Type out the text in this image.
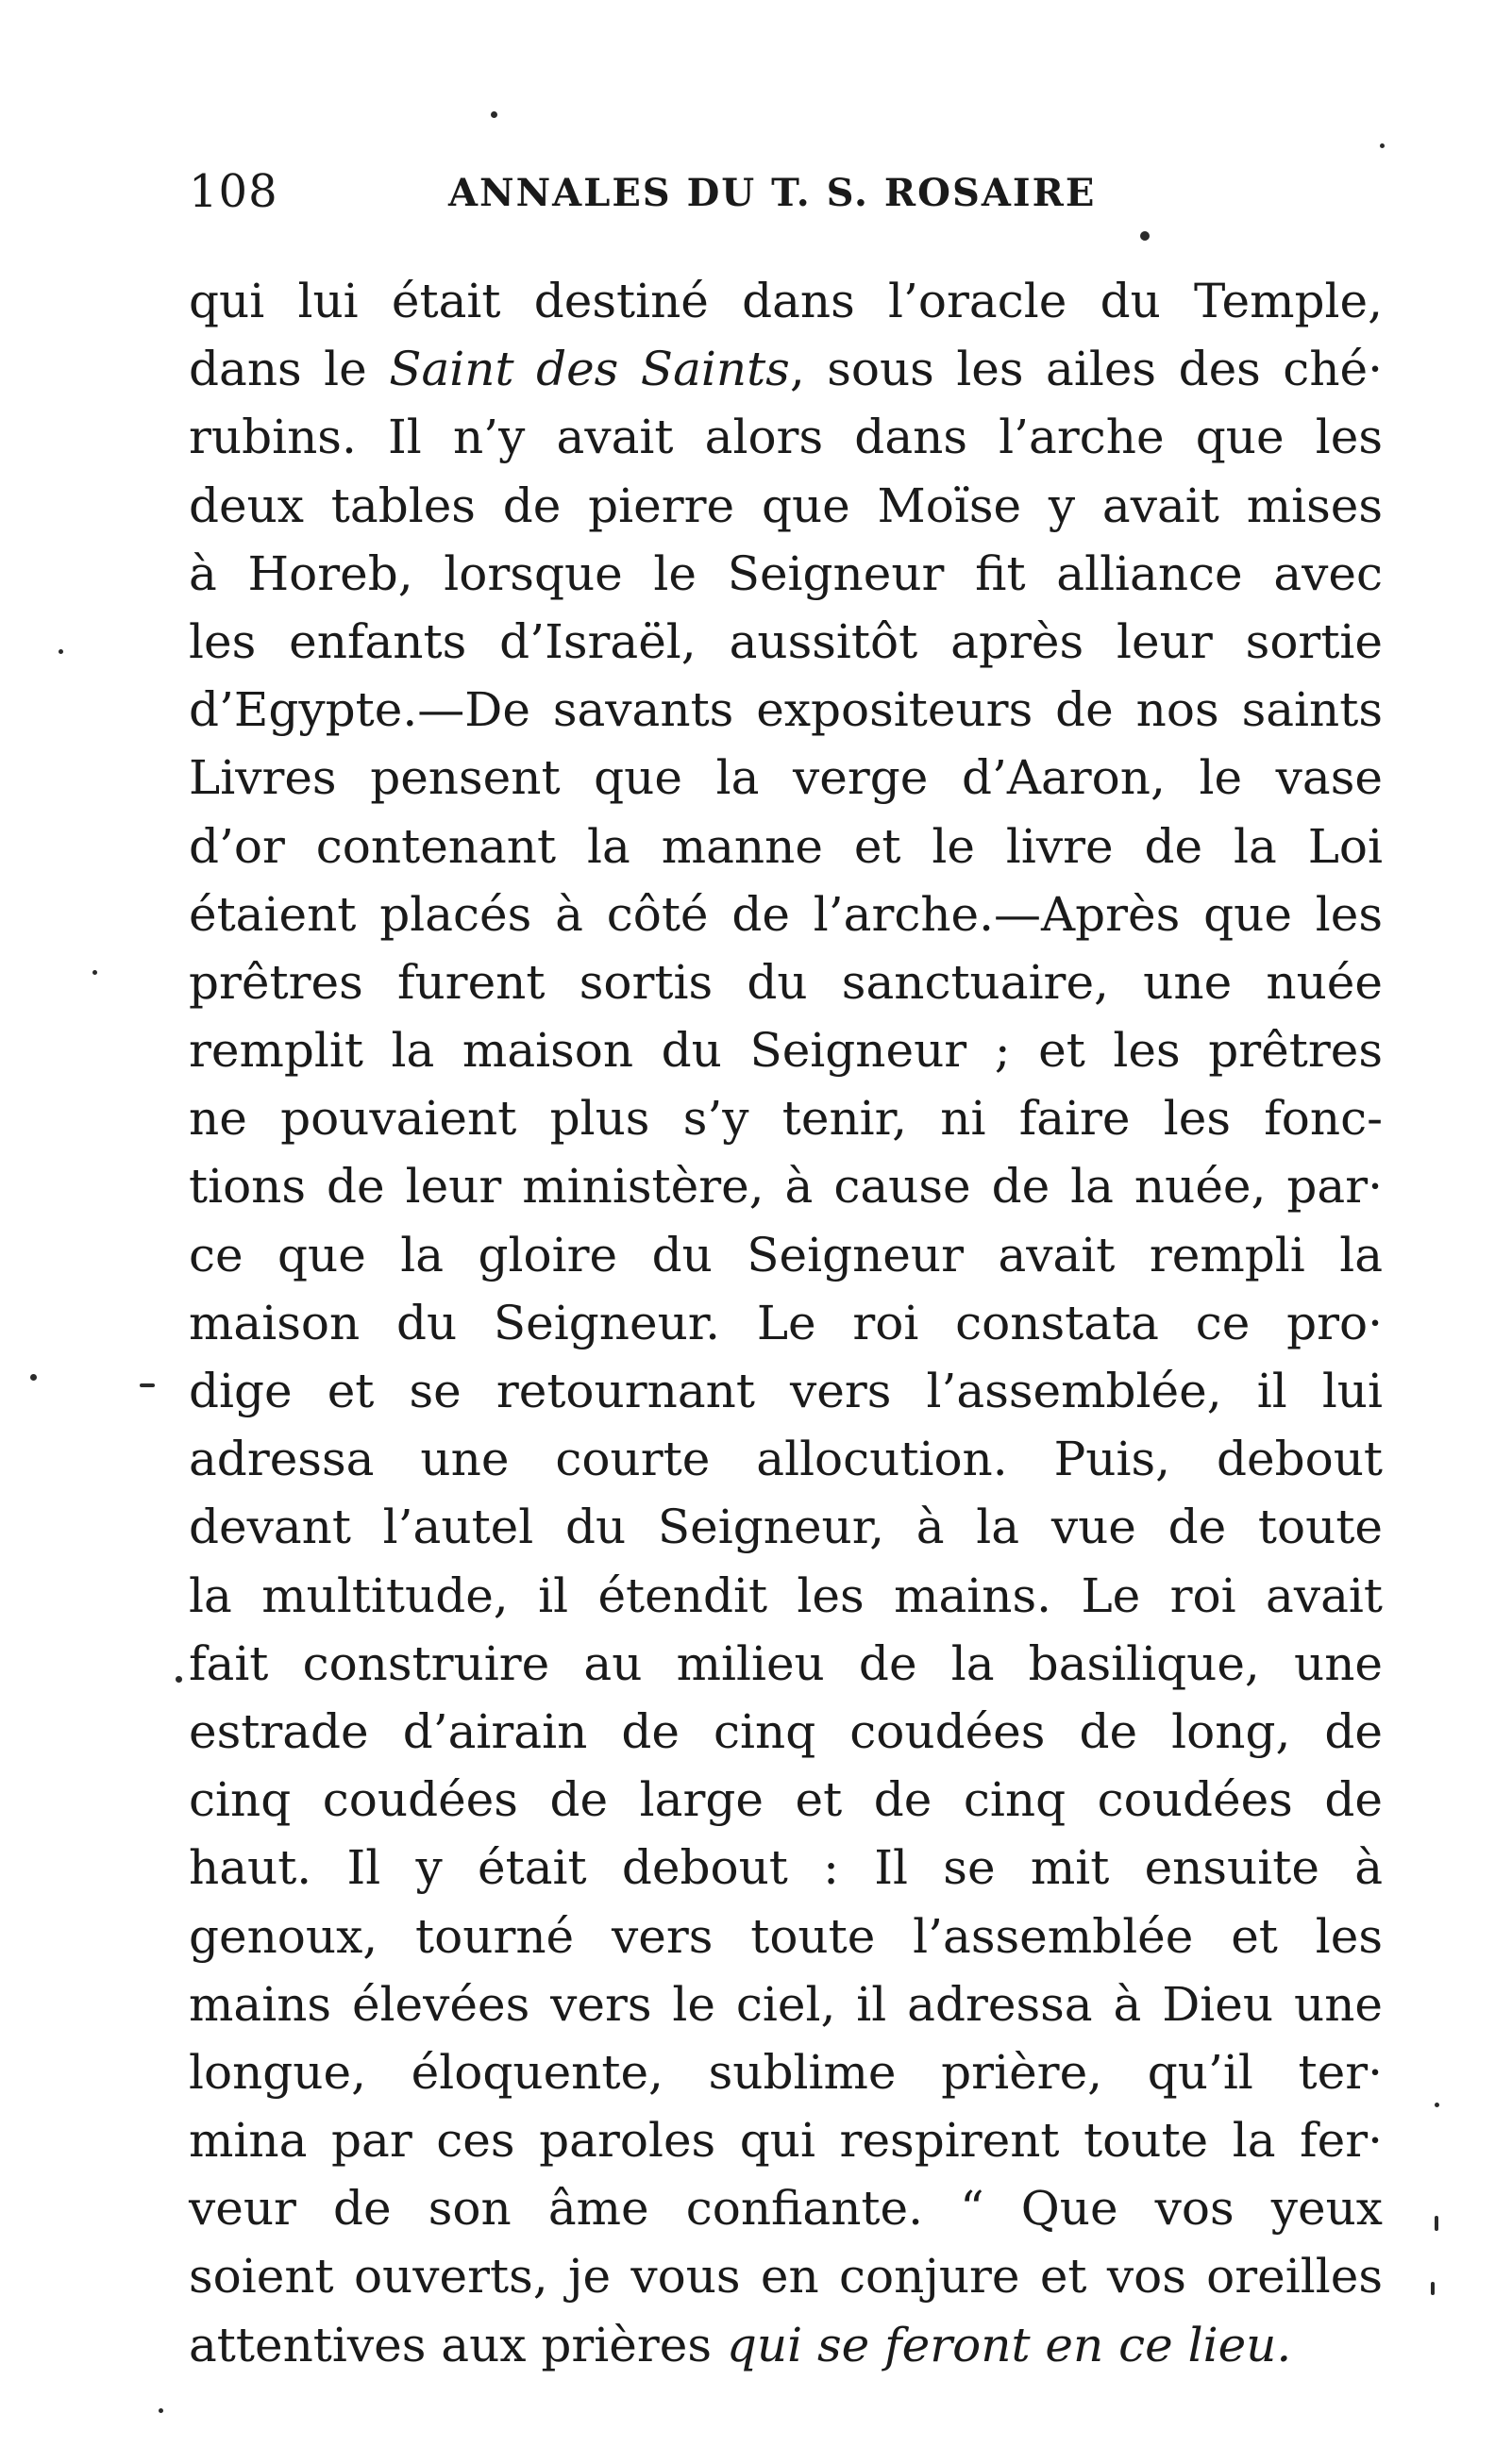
108	ANNALES DU T. S. ROSAIRE
qui lui était destiné dans l’oracle du Temple,
dans le Saint des Saints, sous les ailes des ché·
rubins. Il n’y avait alors dans l’arche que les
deux tables de pierre que Moïse y avait mises
à Horeb, lorsque le Seigneur fit alliance avec
les enfants d’Israël, aussitôt après leur sortie
d’Egypte.—De savants expositeurs de nos saints
Livres pensent que la verge d’Aaron, le vase
d’or contenant la manne et le livre de la Loi
étaient placés à côté de l’arche.—Après que les
prêtres furent sortis du sanctuaire, une nuée
remplit la maison du Seigneur ; et les prêtres
ne pouvaient plus s’y tenir, ni faire les fonc-
tions de leur ministère, à cause de la nuée, par·
ce que la gloire du Seigneur avait rempli la
maison du Seigneur. Le roi constata ce pro·
dige et se retournant vers l’assemblée, il lui
adressa une courte allocution. Puis, debout
devant l’autel du Seigneur, à la vue de toute
la multitude, il étendit les mains. Le roi avait
fait construire au milieu de la basilique, une
estrade d’airain de cinq coudées de long, de
cinq coudées de large et de cinq coudées de
haut. Il y était debout : Il se mit ensuite à
genoux, tourné vers toute l’assemblée et les
mains élevées vers le ciel, il adressa à Dieu une
longue, éloquente, sublime prière, qu’il ter·
mina par ces paroles qui respirent toute la fer·
veur de son âme confiante. “ Que vos yeux
soient ouverts, je vous en conjure et vos oreilles
attentives aux prières qui se feront en ce lieu.
